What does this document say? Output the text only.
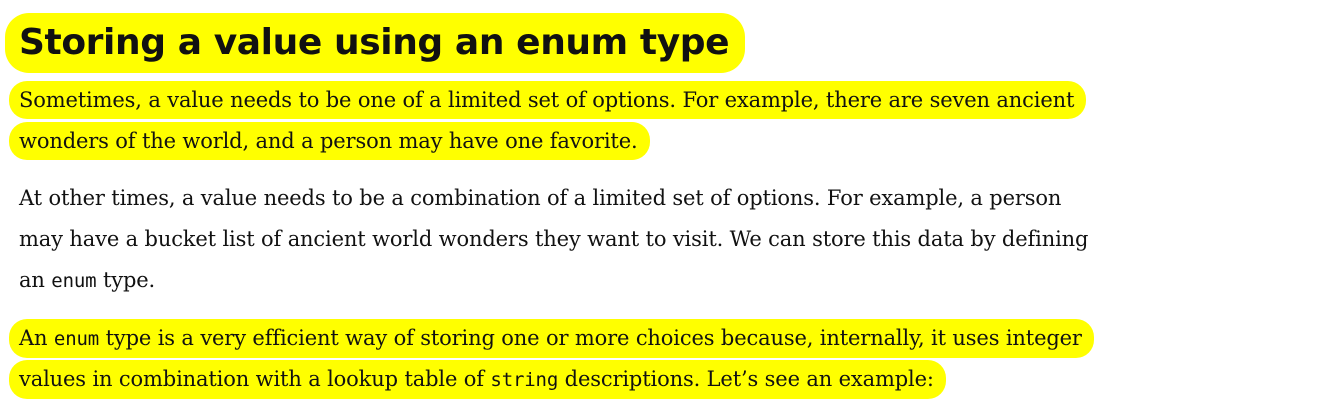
Storing a value using an enum type
Sometimes, a value needs to be one of a limited set of options. For example, there are seven ancient
wonders of the world, and a person may have one favorite.
At other times, a value needs to be a combination of a limited set of options. For example, a person
may have a bucket list of ancient world wonders they want to visit. We can store this data by defining
an enum type.
An enum type is a very efficient way of storing one or more choices because, internally, it uses integer
values in combination with a lookup table of string descriptions. Let’s see an example:
